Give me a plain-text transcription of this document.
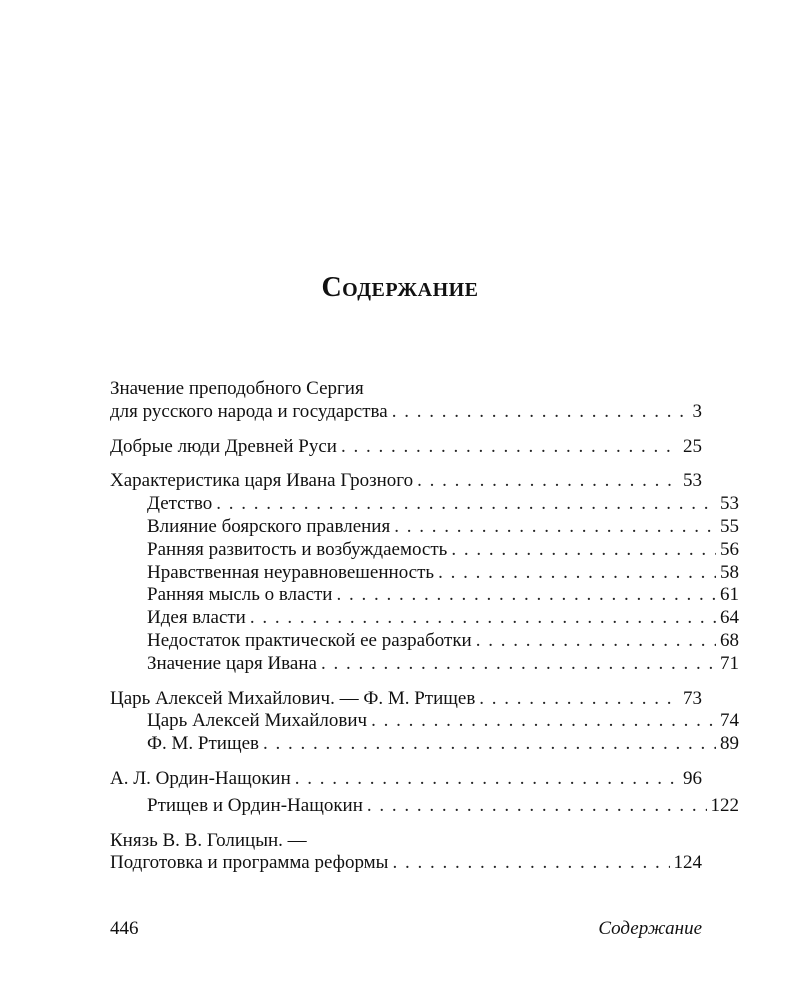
Содержание
Значение преподобного Сергия
для русского народа и государства . . .	3
Добрые люди Древней Руси . . .	25
Характеристика царя Ивана Грозного . . .	53
Детство . . .	53
Влияние боярского правления . . .	55
Ранняя развитость и возбуждаемость . . .	56
Нравственная неуравновешенность . . .	58
Ранняя мысль о власти . . .	61
Идея власти . . .	64
Недостаток практической ее разработки . . .	68
Значение царя Ивана . . .	71
Царь Алексей Михайлович. — Ф. М. Ртищев . . .	73
Царь Алексей Михайлович . . .	74
Ф. М. Ртищев . . .	89
А. Л. Ордин-Нащокин . . .	96
Ртищев и Ордин-Нащокин . . .	122
Князь В. В. Голицын. —
Подготовка и программа реформы . . .	124
446	Содержание
